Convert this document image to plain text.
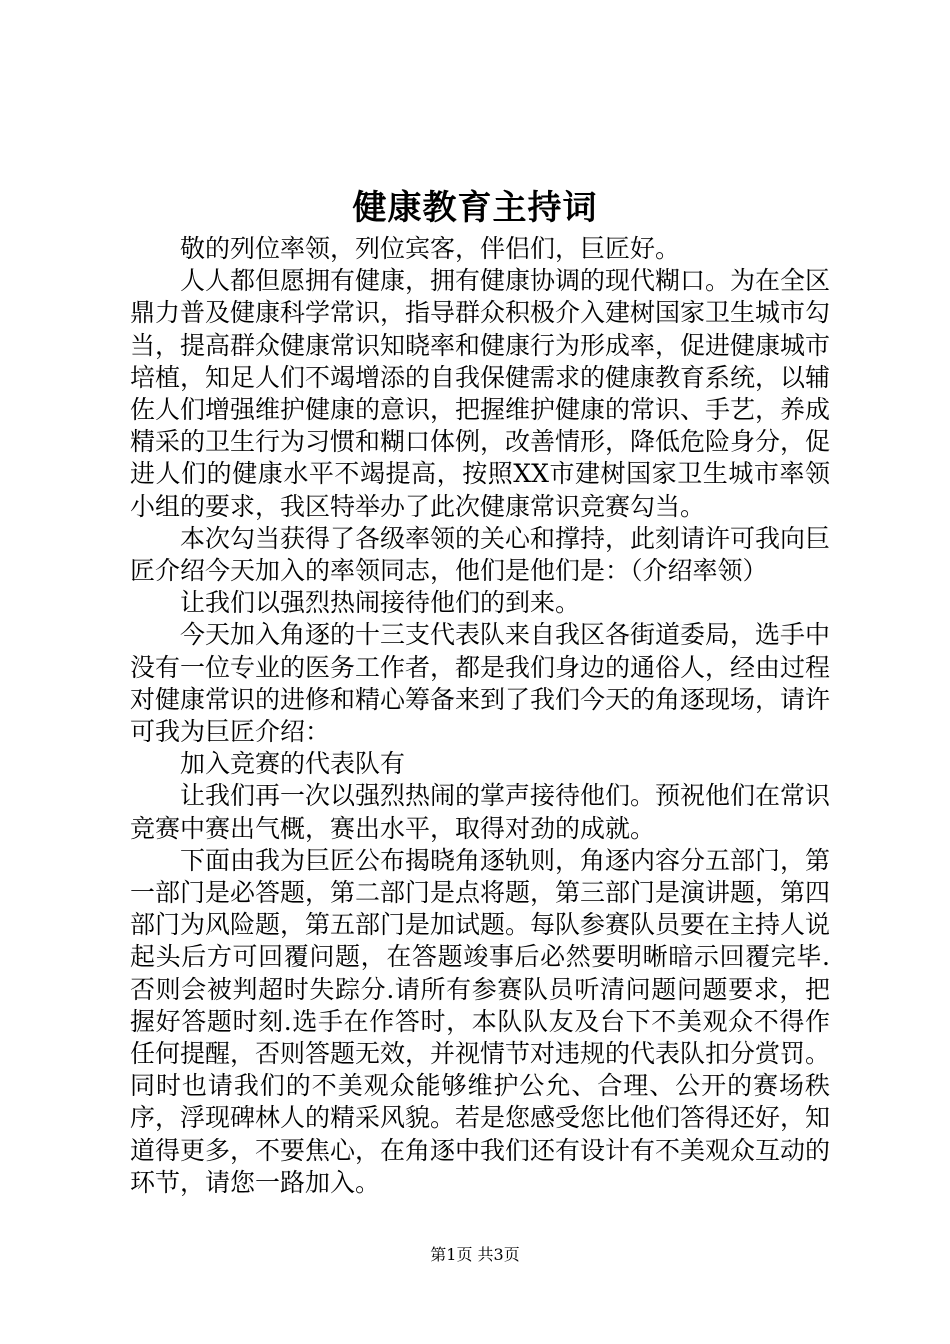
健康教育主持词

敬的列位率领，列位宾客，伴侣们，巨匠好。

人人都但愿拥有健康，拥有健康协调的现代糊口。为在全区鼎力普及健康科学常识，指导群众积极介入建树国家卫生城市勾当，提高群众健康常识知晓率和健康行为形成率，促进健康城市培植，知足人们不竭增添的自我保健需求的健康教育系统，以辅佐人们增强维护健康的意识，把握维护健康的常识、手艺，养成精采的卫生行为习惯和糊口体例，改善情形，降低危险身分，促进人们的健康水平不竭提高，按照XX市建树国家卫生城市率领小组的要求，我区特举办了此次健康常识竞赛勾当。

本次勾当获得了各级率领的关心和撑持，此刻请许可我向巨匠介绍今天加入的率领同志，他们是他们是：（介绍率领）

让我们以强烈热闹接待他们的到来。

今天加入角逐的十三支代表队来自我区各街道委局，选手中没有一位专业的医务工作者，都是我们身边的通俗人，经由过程对健康常识的进修和精心筹备来到了我们今天的角逐现场，请许可我为巨匠介绍：

加入竞赛的代表队有

让我们再一次以强烈热闹的掌声接待他们。预祝他们在常识竞赛中赛出气概，赛出水平，取得对劲的成就。

下面由我为巨匠公布揭晓角逐轨则，角逐内容分五部门，第一部门是必答题，第二部门是点将题，第三部门是演讲题，第四部门为风险题，第五部门是加试题。每队参赛队员要在主持人说起头后方可回覆问题，在答题竣事后必然要明晰暗示回覆完毕.否则会被判超时失踪分.请所有参赛队员听清问题问题要求，把握好答题时刻.选手在作答时，本队队友及台下不美观众不得作任何提醒，否则答题无效，并视情节对违规的代表队扣分赏罚。同时也请我们的不美观众能够维护公允、合理、公开的赛场秩序，浮现碑林人的精采风貌。若是您感受您比他们答得还好，知道得更多，不要焦心，在角逐中我们还有设计有不美观众互动的环节，请您一路加入。

第1页 共3页
